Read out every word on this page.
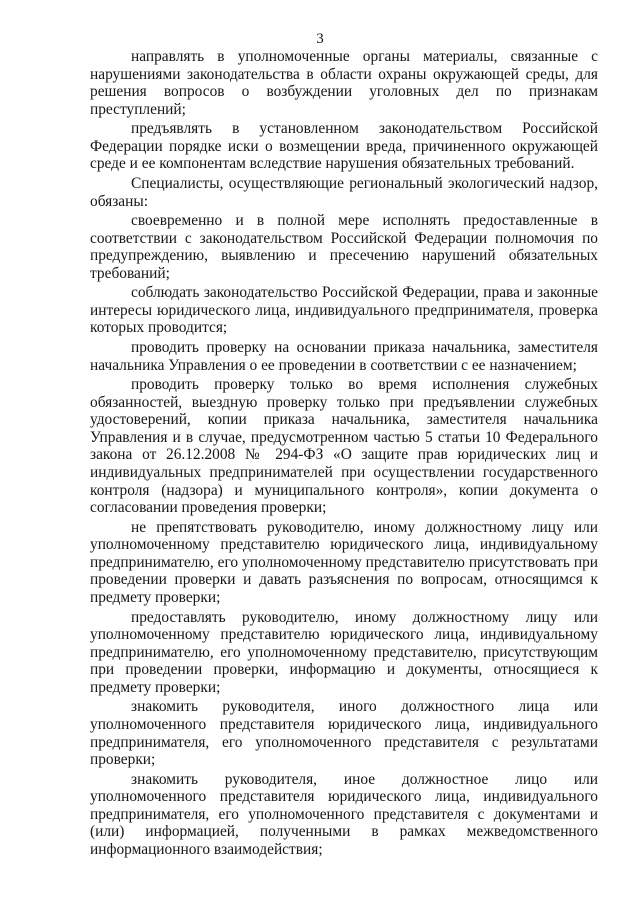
3

направлять в уполномоченные органы материалы, связанные с нарушениями законодательства в области охраны окружающей среды, для решения вопросов о возбуждении уголовных дел по признакам преступлений;

предъявлять в установленном законодательством Российской Федерации порядке иски о возмещении вреда, причиненного окружающей среде и ее компонентам вследствие нарушения обязательных требований.

Специалисты, осуществляющие региональный экологический надзор, обязаны:

своевременно и в полной мере исполнять предоставленные в соответствии с законодательством Российской Федерации полномочия по предупреждению, выявлению и пресечению нарушений обязательных требований;

соблюдать законодательство Российской Федерации, права и законные интересы юридического лица, индивидуального предпринимателя, проверка которых проводится;

проводить проверку на основании приказа начальника, заместителя начальника Управления о ее проведении в соответствии с ее назначением;

проводить проверку только во время исполнения служебных обязанностей, выездную проверку только при предъявлении служебных удостоверений, копии приказа начальника, заместителя начальника Управления и в случае, предусмотренном частью 5 статьи 10 Федерального закона от 26.12.2008 № 294-ФЗ «О защите прав юридических лиц и индивидуальных предпринимателей при осуществлении государственного контроля (надзора) и муниципального контроля», копии документа о согласовании проведения проверки;

не препятствовать руководителю, иному должностному лицу или уполномоченному представителю юридического лица, индивидуальному предпринимателю, его уполномоченному представителю присутствовать при проведении проверки и давать разъяснения по вопросам, относящимся к предмету проверки;

предоставлять руководителю, иному должностному лицу или уполномоченному представителю юридического лица, индивидуальному предпринимателю, его уполномоченному представителю, присутствующим при проведении проверки, информацию и документы, относящиеся к предмету проверки;

знакомить руководителя, иного должностного лица или уполномоченного представителя юридического лица, индивидуального предпринимателя, его уполномоченного представителя с результатами проверки;

знакомить руководителя, иное должностное лицо или уполномоченного представителя юридического лица, индивидуального предпринимателя, его уполномоченного представителя с документами и (или) информацией, полученными в рамках межведомственного информационного взаимодействия;
